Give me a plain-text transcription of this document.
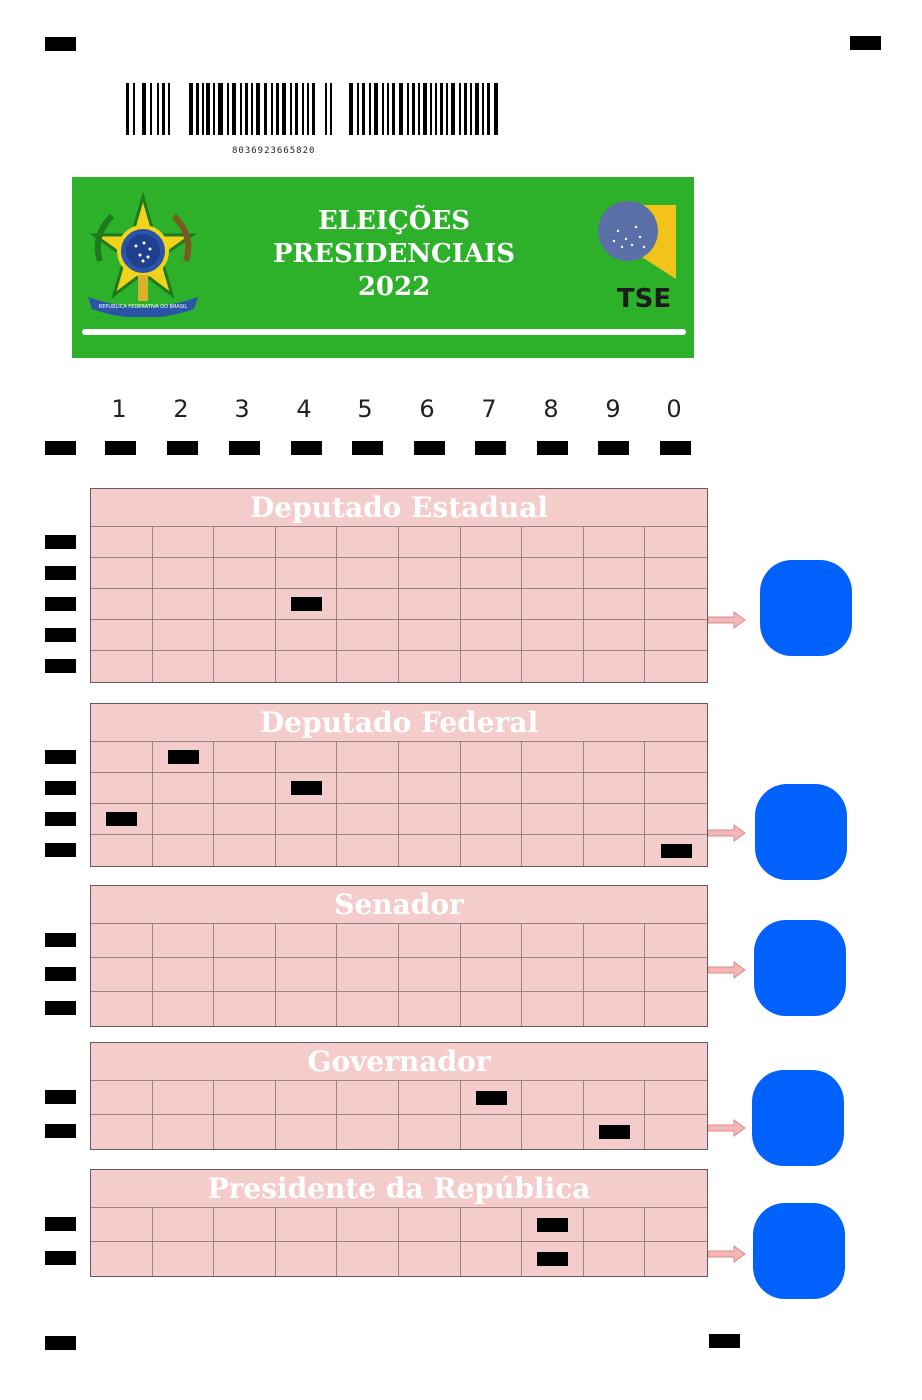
8036923665820
REPUBLICA FEDERATIVA DO BRASIL
ELEIÇÕES
PRESIDENCIAIS
2022	TSE
1	2	3	4	5	6	7	8	9	0
Deputado Estadual
Deputado Federal
Senador
Governador
Presidente da República
